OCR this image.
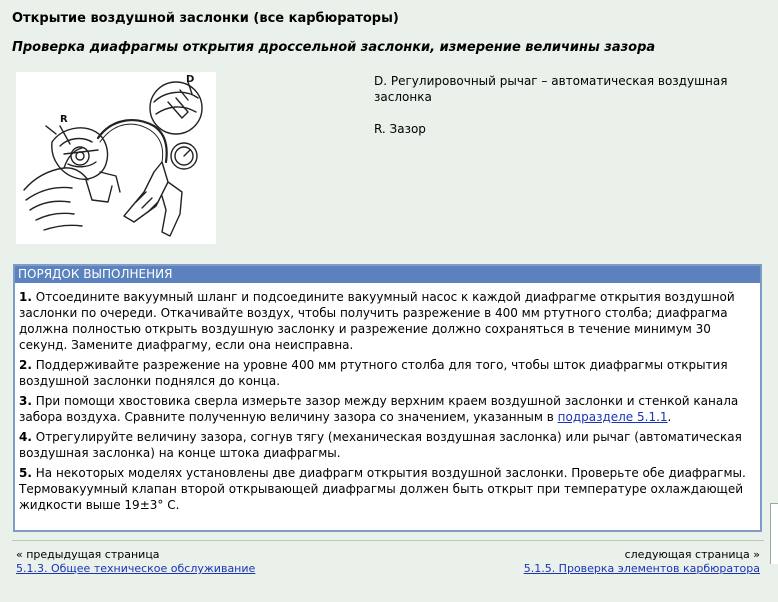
Открытие воздушной заслонки (все карбюраторы)
Проверка диафрагмы открытия дроссельной заслонки, измерение величины зазора
R
D	D. Регулировочный рычаг – автоматическая воздушная заслонка

R. Зазор

ПОРЯДОК ВЫПОЛНЕНИЯ
1. Отсоедините вакуумный шланг и подсоедините вакуумный насос к каждой диафрагме открытия воздушной заслонки по очереди. Откачивайте воздух, чтобы получить разрежение в 400 мм ртутного столба; диафрагма должна полностью открыть воздушную заслонку и разрежение должно сохраняться в течение минимум 30 секунд. Замените диафрагму, если она неисправна.
2. Поддерживайте разрежение на уровне 400 мм ртутного столба для того, чтобы шток диафрагмы открытия воздушной заслонки поднялся до конца.
3. При помощи хвостовика сверла измерьте зазор между верхним краем воздушной заслонки и стенкой канала забора воздуха. Сравните полученную величину зазора со значением, указанным в подразделе 5.1.1.
4. Отрегулируйте величину зазора, согнув тягу (механическая воздушная заслонка) или рычаг (автоматическая воздушная заслонка) на конце штока диафрагмы.
5. На некоторых моделях установлены две диафрагм открытия воздушной заслонки. Проверьте обе диафрагмы. Термовакуумный клапан второй открывающей диафрагмы должен быть открыт при температуре охлаждающей жидкости выше 19±3° С.
« предыдущая страница
5.1.3. Общее техническое обслуживание
следующая страница »
5.1.5. Проверка элементов карбюратора
